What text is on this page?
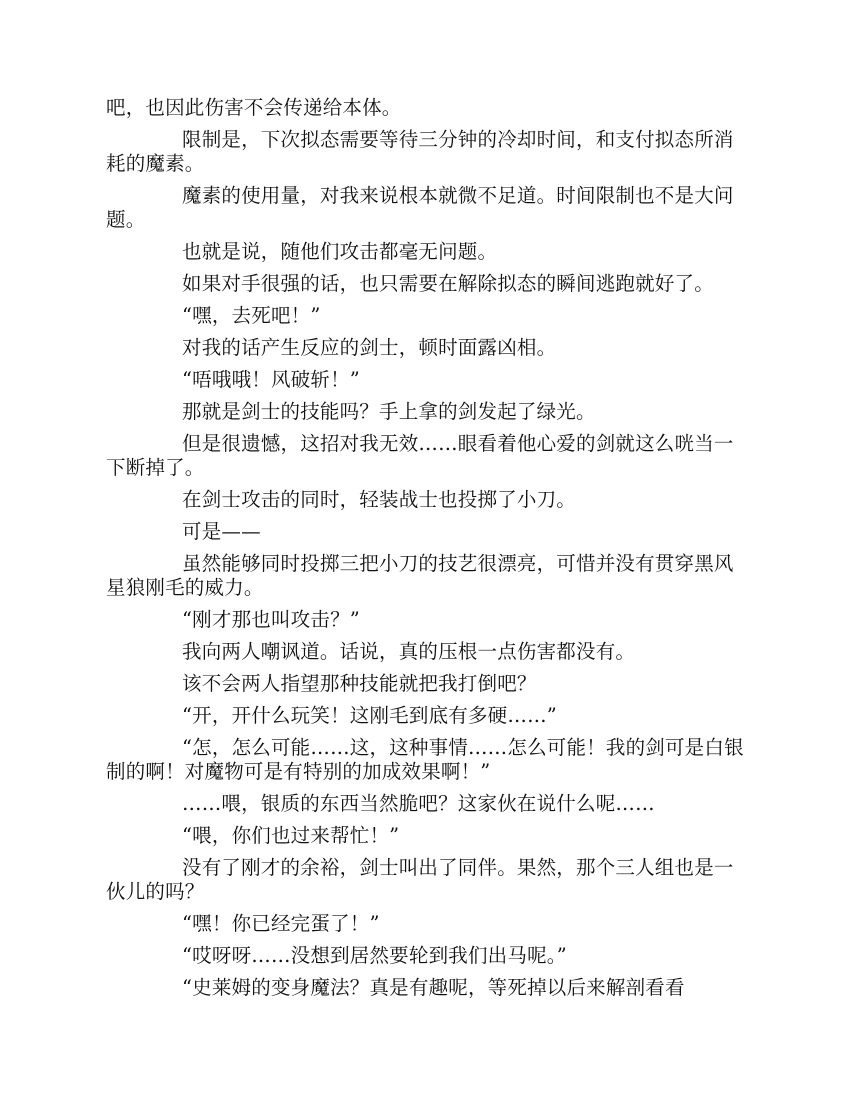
吧，也因此伤害不会传递给本体。

限制是，下次拟态需要等待三分钟的冷却时间，和支付拟态所消耗的魔素。

魔素的使用量，对我来说根本就微不足道。时间限制也不是大问题。

也就是说，随他们攻击都毫无问题。

如果对手很强的话，也只需要在解除拟态的瞬间逃跑就好了。

“嘿，去死吧！”

对我的话产生反应的剑士，顿时面露凶相。

“唔哦哦！风破斩！”

那就是剑士的技能吗？手上拿的剑发起了绿光。

但是很遗憾，这招对我无效……眼看着他心爱的剑就这么咣当一下断掉了。

在剑士攻击的同时，轻装战士也投掷了小刀。

可是——

虽然能够同时投掷三把小刀的技艺很漂亮，可惜并没有贯穿黑风星狼刚毛的威力。

“刚才那也叫攻击？”

我向两人嘲讽道。话说，真的压根一点伤害都没有。

该不会两人指望那种技能就把我打倒吧？

“开，开什么玩笑！这刚毛到底有多硬……”

“怎，怎么可能……这，这种事情……怎么可能！我的剑可是白银制的啊！对魔物可是有特别的加成效果啊！”

……喂，银质的东西当然脆吧？这家伙在说什么呢……

“喂，你们也过来帮忙！”

没有了刚才的余裕，剑士叫出了同伴。果然，那个三人组也是一伙儿的吗？

“嘿！你已经完蛋了！”

“哎呀呀……没想到居然要轮到我们出马呢。”

“史莱姆的变身魔法？真是有趣呢，等死掉以后来解剖看看
